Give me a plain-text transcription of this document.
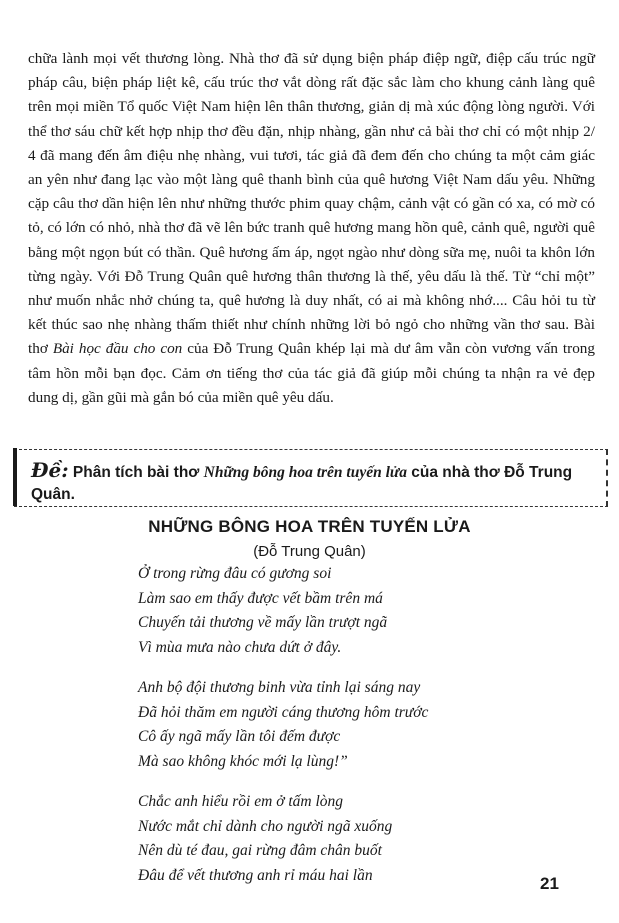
chữa lành mọi vết thương lòng. Nhà thơ đã sử dụng biện pháp điệp ngữ, điệp cấu trúc ngữ pháp câu, biện pháp liệt kê, cấu trúc thơ vắt dòng rất đặc sắc làm cho khung cảnh làng quê trên mọi miền Tổ quốc Việt Nam hiện lên thân thương, giản dị mà xúc động lòng người. Với thể thơ sáu chữ kết hợp nhịp thơ đều đặn, nhịp nhàng, gần như cả bài thơ chỉ có một nhịp 2/ 4 đã mang đến âm điệu nhẹ nhàng, vui tươi, tác giả đã đem đến cho chúng ta một cảm giác an yên như đang lạc vào một làng quê thanh bình của quê hương Việt Nam dấu yêu. Những cặp câu thơ dần hiện lên như những thước phim quay chậm, cảnh vật có gần có xa, có mờ có tỏ, có lớn có nhỏ, nhà thơ đã vẽ lên bức tranh quê hương mang hồn quê, cảnh quê, người quê bằng một ngọn bút có thần. Quê hương ấm áp, ngọt ngào như dòng sữa mẹ, nuôi ta khôn lớn từng ngày. Với Đỗ Trung Quân quê hương thân thương là thế, yêu dấu là thế. Từ “chỉ một” như muốn nhắc nhở chúng ta, quê hương là duy nhất, có ai mà không nhớ.... Câu hỏi tu từ kết thúc sao nhẹ nhàng thấm thiết như chính những lời bỏ ngỏ cho những vần thơ sau. Bài thơ Bài học đầu cho con của Đỗ Trung Quân khép lại mà dư âm vẫn còn vương vấn trong tâm hồn mỗi bạn đọc. Cảm ơn tiếng thơ của tác giả đã giúp mỗi chúng ta nhận ra vẻ đẹp dung dị, gần gũi mà gắn bó của miền quê yêu dấu.

Đề: Phân tích bài thơ Những bông hoa trên tuyến lửa của nhà thơ Đỗ Trung Quân.
NHỮNG BÔNG HOA TRÊN TUYẾN LỬA
(Đỗ Trung Quân)
Ở trong rừng đâu có gương soi
Làm sao em thấy được vết bầm trên má
Chuyến tải thương về mấy lần trượt ngã
Vì mùa mưa nào chưa dứt ở đây.
Anh bộ đội thương binh vừa tỉnh lại sáng nay
Đã hỏi thăm em người cáng thương hôm trước
Cô ấy ngã mấy lần tôi đếm được
Mà sao không khóc mới lạ lùng!”
Chắc anh hiểu rồi em ở tấm lòng
Nước mắt chỉ dành cho người ngã xuống
Nên dù té đau, gai rừng đâm chân buốt
Đâu để vết thương anh rỉ máu hai lần	21
